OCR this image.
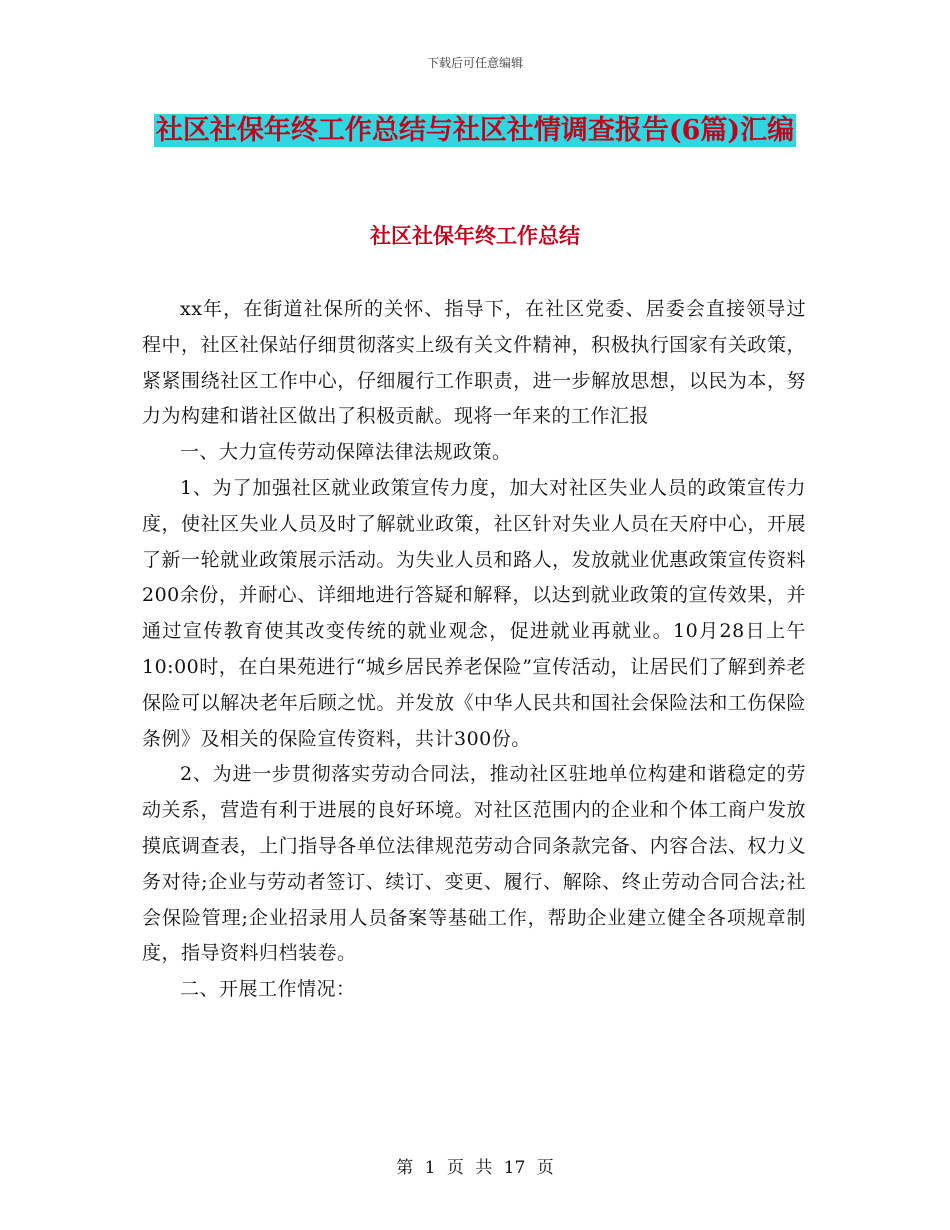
下载后可任意编辑
社区社保年终工作总结与社区社情调查报告(6篇)汇编
社区社保年终工作总结

xx年，在街道社保所的关怀、指导下，在社区党委、居委会直接领导过程中，社区社保站仔细贯彻落实上级有关文件精神，积极执行国家有关政策，紧紧围绕社区工作中心，仔细履行工作职责，进一步解放思想，以民为本，努力为构建和谐社区做出了积极贡献。现将一年来的工作汇报

一、大力宣传劳动保障法律法规政策。

1、为了加强社区就业政策宣传力度，加大对社区失业人员的政策宣传力度，使社区失业人员及时了解就业政策，社区针对失业人员在天府中心，开展了新一轮就业政策展示活动。为失业人员和路人，发放就业优惠政策宣传资料200余份，并耐心、详细地进行答疑和解释，以达到就业政策的宣传效果，并通过宣传教育使其改变传统的就业观念，促进就业再就业。10月28日上午10:00时，在白果苑进行“城乡居民养老保险”宣传活动，让居民们了解到养老保险可以解决老年后顾之忧。并发放《中华人民共和国社会保险法和工伤保险条例》及相关的保险宣传资料，共计300份。

2、为进一步贯彻落实劳动合同法，推动社区驻地单位构建和谐稳定的劳动关系，营造有利于进展的良好环境。对社区范围内的企业和个体工商户发放摸底调查表，上门指导各单位法律规范劳动合同条款完备、内容合法、权力义务对待;企业与劳动者签订、续订、变更、履行、解除、终止劳动合同合法;社会保险管理;企业招录用人员备案等基础工作，帮助企业建立健全各项规章制度，指导资料归档装卷。

二、开展工作情况：

第 1 页 共 17 页
